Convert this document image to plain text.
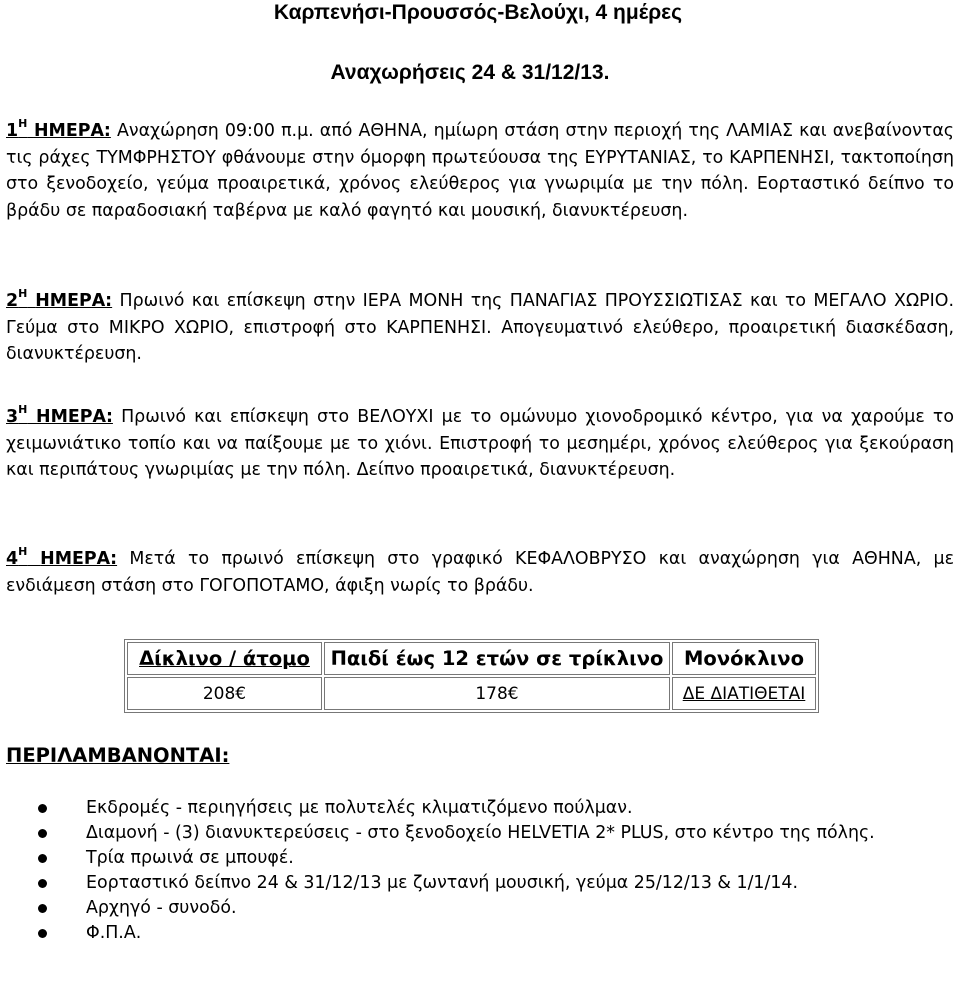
Καρπενήσι-Προυσσός-Βελούχι, 4 ημέρες
Αναχωρήσεις 24 & 31/12/13.

$1^H$ ΗΜΕΡΑ: Αναχώρηση 09:00 π.μ. από ΑΘΗΝΑ, ημίωρη στάση στην περιοχή της ΛΑΜΙΑΣ και ανεβαίνοντας τις ράχες ΤΥΜΦΡΗΣΤΟΥ φθάνουμε στην όμορφη πρωτεύουσα της ΕΥΡΥΤΑΝΙΑΣ, το ΚΑΡΠΕΝΗΣΙ, τακτοποίηση στο ξενοδοχείο, γεύμα προαιρετικά, χρόνος ελεύθερος για γνωριμία με την πόλη. Εορταστικό δείπνο το βράδυ σε παραδοσιακή ταβέρνα με καλό φαγητό και μουσική, διανυκτέρευση.

$2^H$ ΗΜΕΡΑ: Πρωινό και επίσκεψη στην ΙΕΡΑ ΜΟΝΗ της ΠΑΝΑΓΙΑΣ ΠΡΟΥΣΣΙΩΤΙΣΑΣ και το ΜΕΓΑΛΟ ΧΩΡΙΟ. Γεύμα στο ΜΙΚΡΟ ΧΩΡΙΟ, επιστροφή στο ΚΑΡΠΕΝΗΣΙ. Απογευματινό ελεύθερο, προαιρετική διασκέδαση, διανυκτέρευση.

$3^H$ ΗΜΕΡΑ: Πρωινό και επίσκεψη στο ΒΕΛΟΥΧΙ με το ομώνυμο χιονοδρομικό κέντρο, για να χαρούμε το χειμωνιάτικο τοπίο και να παίξουμε με το χιόνι. Επιστροφή το μεσημέρι, χρόνος ελεύθερος για ξεκούραση και περιπάτους γνωριμίας με την πόλη. Δείπνο προαιρετικά, διανυκτέρευση.

$4^H$ ΗΜΕΡΑ: Μετά το πρωινό επίσκεψη στο γραφικό ΚΕΦΑΛΟΒΡΥΣΟ και αναχώρηση για ΑΘΗΝΑ, με ενδιάμεση στάση στο ΓΟΓΟΠΟΤΑΜΟ, άφιξη νωρίς το βράδυ.

Δίκλινο / άτομο	Παιδί έως 12 ετών σε τρίκλινο	Μονόκλινο
208€	178€	ΔΕ ΔΙΑΤΙΘΕΤΑΙ

ΠΕΡΙΛΑΜΒΑΝΟΝΤΑΙ:

Εκδρομές - περιηγήσεις με πολυτελές κλιματιζόμενο πούλμαν.
Διαμονή - (3) διανυκτερεύσεις - στο ξενοδοχείο HELVETIA 2* PLUS, στο κέντρο της πόλης.
Τρία πρωινά σε μπουφέ.
Εορταστικό δείπνο 24 & 31/12/13 με ζωντανή μουσική, γεύμα 25/12/13 & 1/1/14.
Αρχηγό - συνοδό.
Φ.Π.Α.
